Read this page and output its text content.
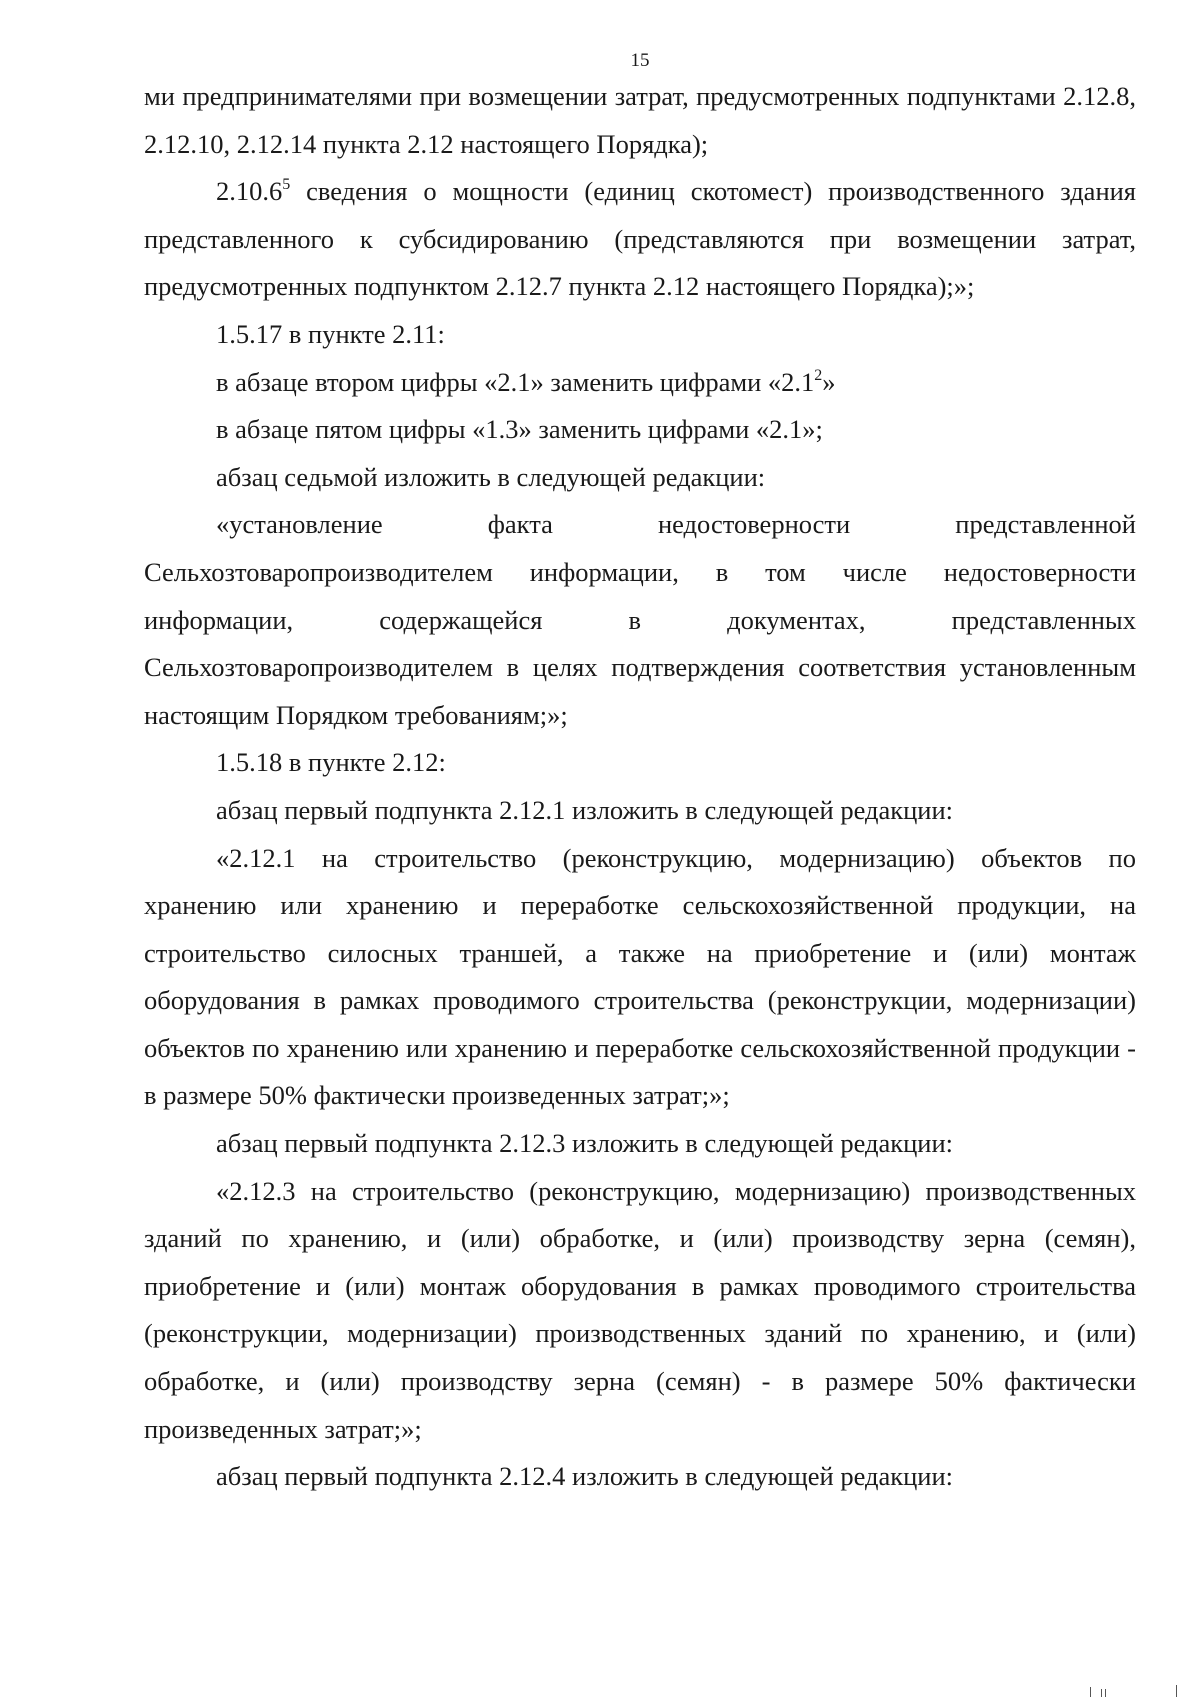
15

ми предпринимателями при возмещении затрат, предусмотренных подпунктами 2.12.8, 2.12.10, 2.12.14 пункта 2.12 настоящего Порядка);

2.10.6$^5$ сведения о мощности (единиц скотомест) производственного здания представленного к субсидированию (представляются при возмещении затрат, предусмотренных подпунктом 2.12.7 пункта 2.12 настоящего Порядка);»;

1.5.17 в пункте 2.11:

в абзаце втором цифры «2.1» заменить цифрами «$2.1^2$»

в абзаце пятом цифры «1.3» заменить цифрами «2.1»;

абзац седьмой изложить в следующей редакции:

«установление факта недостоверности представленной Сельхозтоваропроизводителем информации, в том числе недостоверности информации, содержащейся в документах, представленных Сельхозтоваропроизводителем в целях подтверждения соответствия установленным настоящим Порядком требованиям;»;

1.5.18 в пункте 2.12:

абзац первый подпункта 2.12.1 изложить в следующей редакции:

«2.12.1 на строительство (реконструкцию, модернизацию) объектов по хранению или хранению и переработке сельскохозяйственной продукции, на строительство силосных траншей, а также на приобретение и (или) монтаж оборудования в рамках проводимого строительства (реконструкции, модернизации) объектов по хранению или хранению и переработке сельскохозяйственной продукции - в размере 50% фактически произведенных затрат;»;

абзац первый подпункта 2.12.3 изложить в следующей редакции:

«2.12.3 на строительство (реконструкцию, модернизацию) производственных зданий по хранению, и (или) обработке, и (или) производству зерна (семян), приобретение и (или) монтаж оборудования в рамках проводимого строительства (реконструкции, модернизации) производственных зданий по хранению, и (или) обработке, и (или) производству зерна (семян) - в размере 50% фактически произведенных затрат;»;

абзац первый подпункта 2.12.4 изложить в следующей редакции:
